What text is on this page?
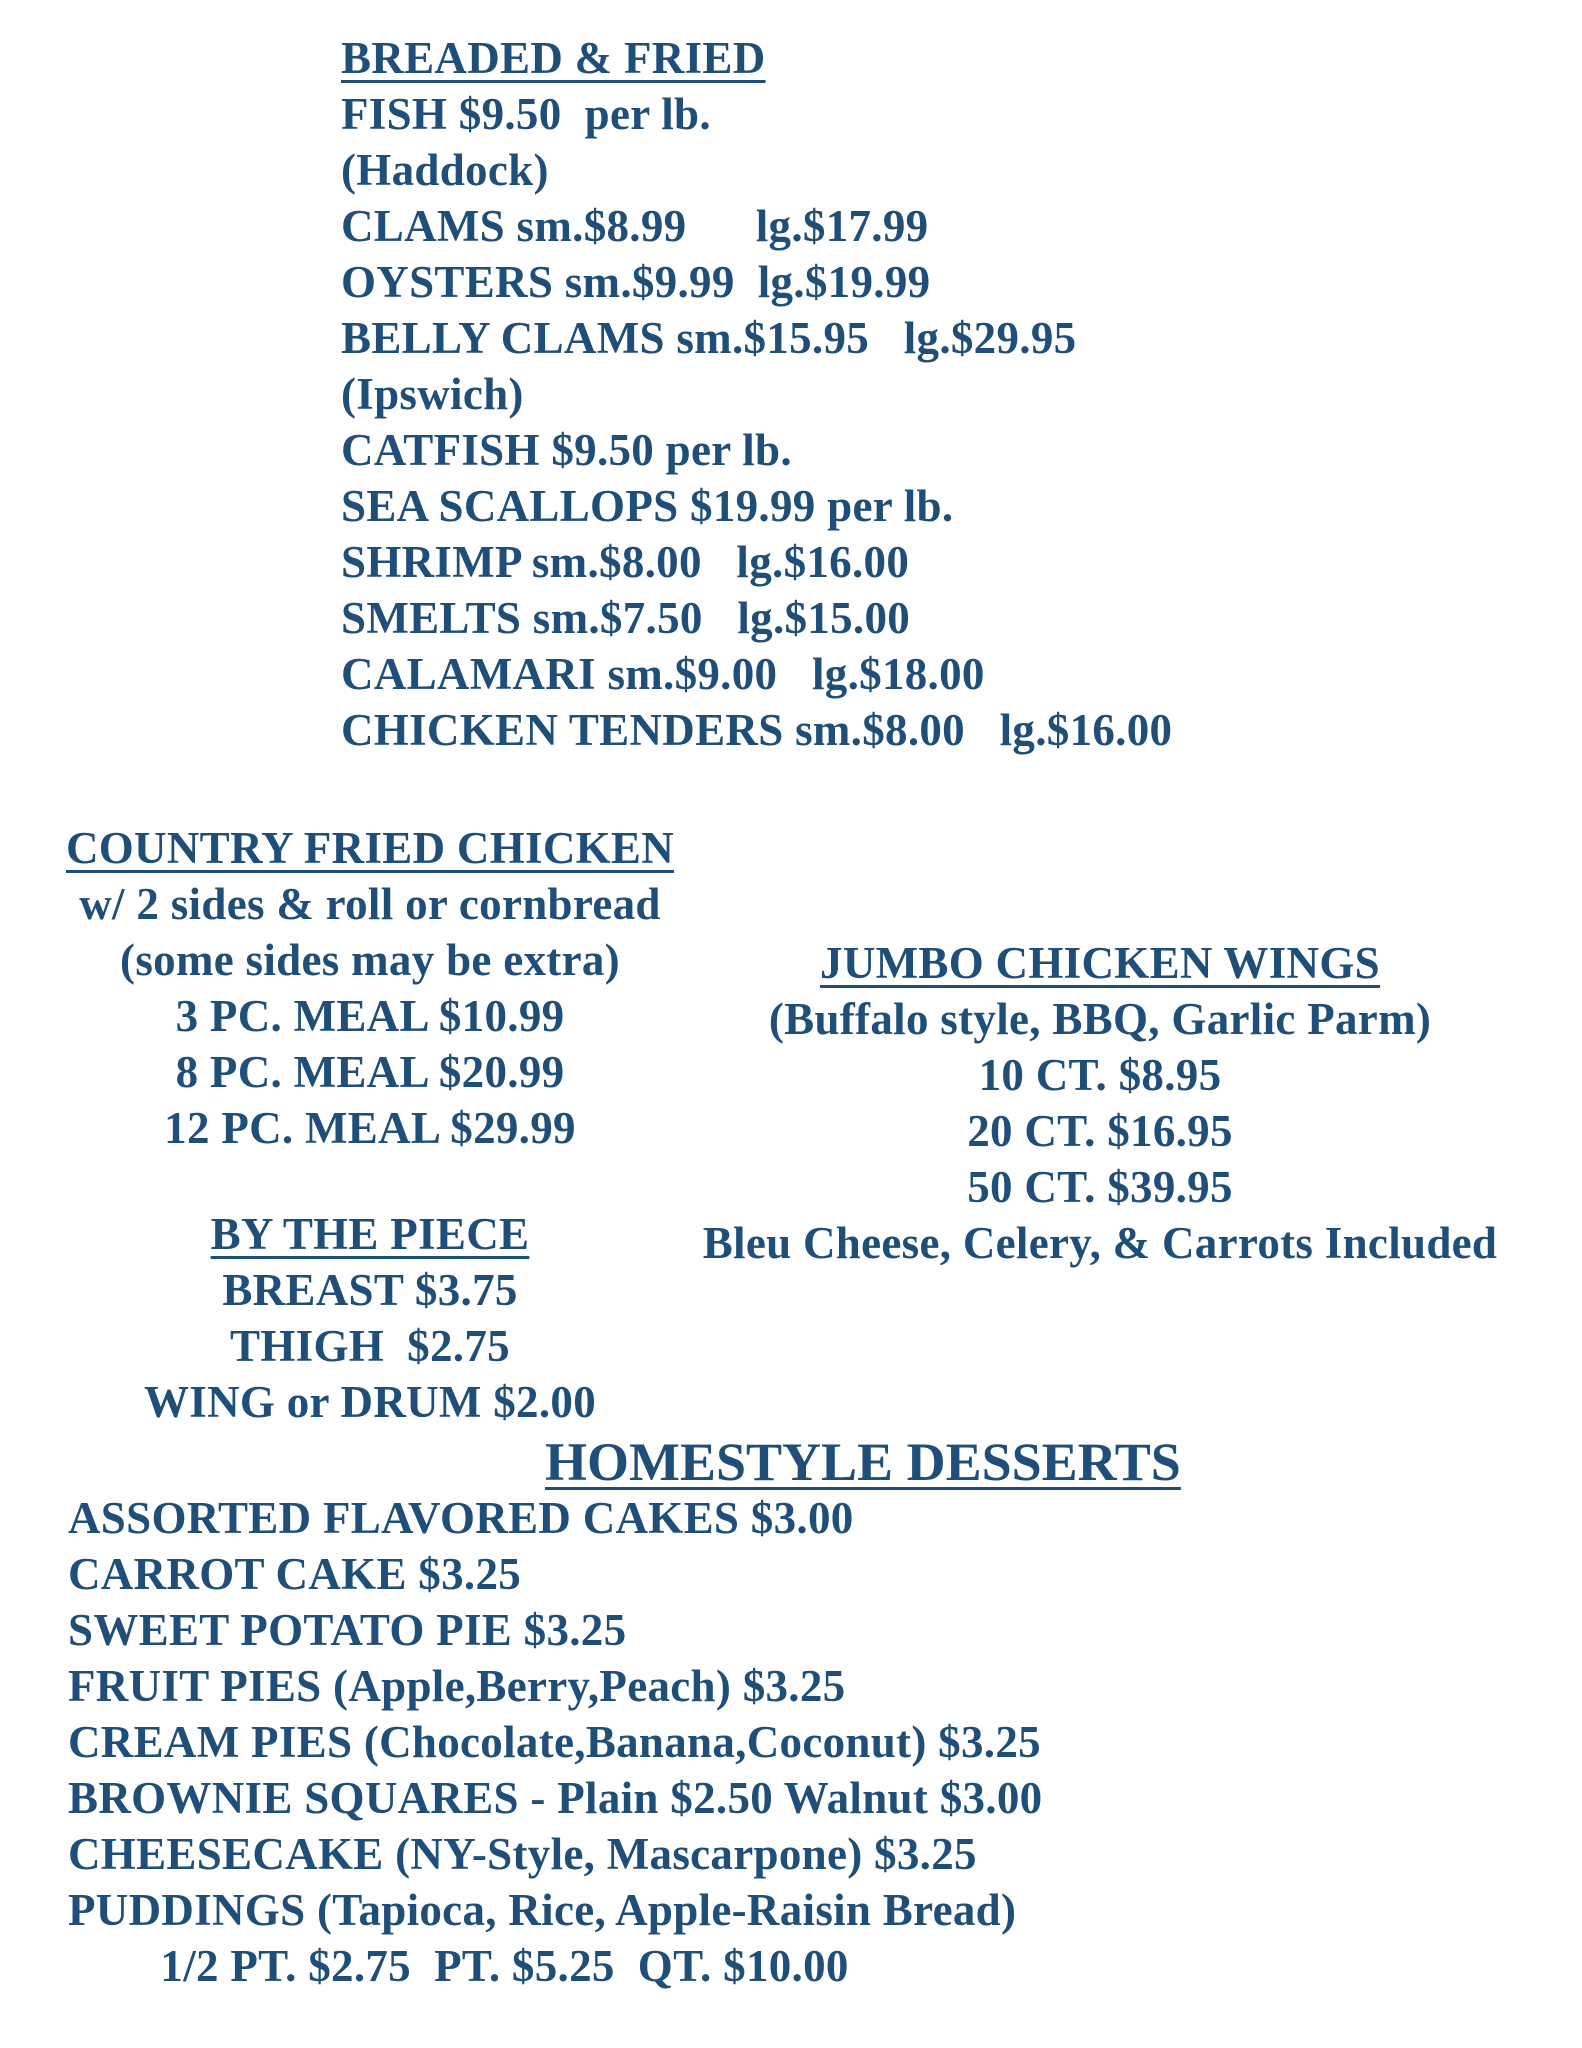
BREADED & FRIED
FISH $9.50  per lb.
(Haddock)
CLAMS sm.$8.99      lg.$17.99
OYSTERS sm.$9.99  lg.$19.99
BELLY CLAMS sm.$15.95   lg.$29.95
(Ipswich)
CATFISH $9.50 per lb.
SEA SCALLOPS $19.99 per lb.
SHRIMP sm.$8.00   lg.$16.00
SMELTS sm.$7.50   lg.$15.00
CALAMARI sm.$9.00   lg.$18.00
CHICKEN TENDERS sm.$8.00   lg.$16.00
COUNTRY FRIED CHICKEN
w/ 2 sides & roll or cornbread
(some sides may be extra)
3 PC. MEAL $10.99
8 PC. MEAL $20.99
12 PC. MEAL $29.99
BY THE PIECE
BREAST $3.75
THIGH  $2.75
WING or DRUM $2.00
JUMBO CHICKEN WINGS
(Buffalo style, BBQ, Garlic Parm)
10 CT. $8.95
20 CT. $16.95
50 CT. $39.95
Bleu Cheese, Celery, & Carrots Included
HOMESTYLE DESSERTS
ASSORTED FLAVORED CAKES $3.00
CARROT CAKE $3.25
SWEET POTATO PIE $3.25
FRUIT PIES (Apple,Berry,Peach) $3.25
CREAM PIES (Chocolate,Banana,Coconut) $3.25
BROWNIE SQUARES - Plain $2.50 Walnut $3.00
CHEESECAKE (NY-Style, Mascarpone) $3.25
PUDDINGS (Tapioca, Rice, Apple-Raisin Bread)
1/2 PT. $2.75  PT. $5.25  QT. $10.00
